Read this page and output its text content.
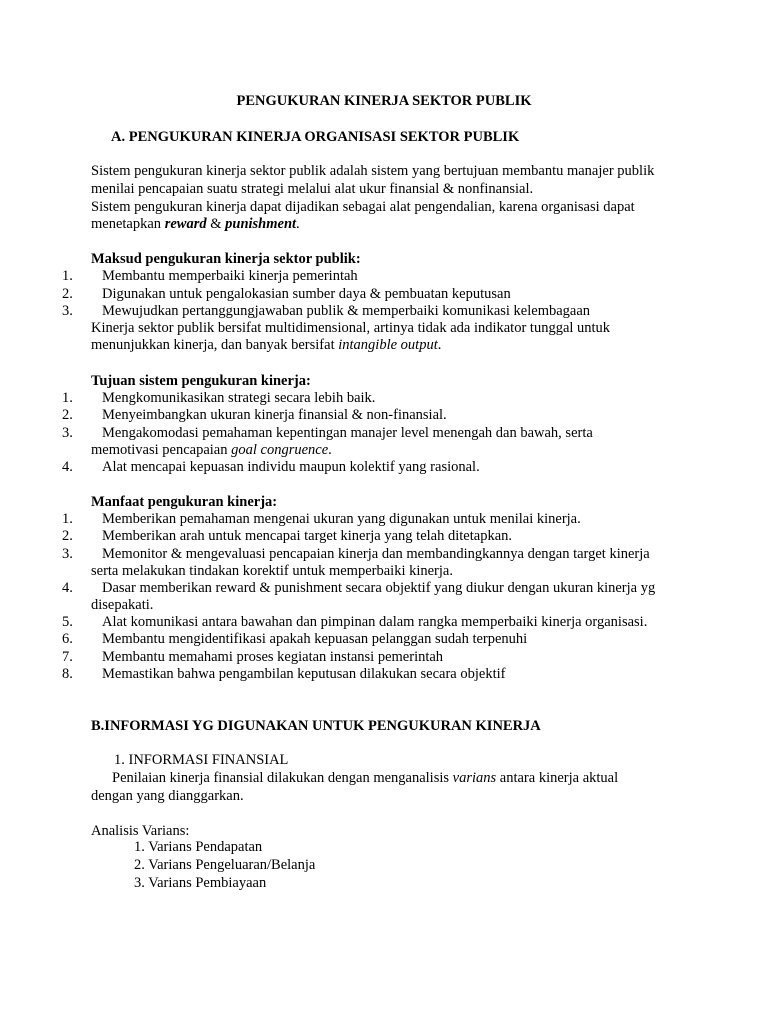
PENGUKURAN KINERJA SEKTOR PUBLIK
A. PENGUKURAN KINERJA ORGANISASI SEKTOR PUBLIK
Sistem pengukuran kinerja sektor publik adalah sistem yang bertujuan membantu manajer publik
menilai pencapaian suatu strategi melalui alat ukur finansial & nonfinansial.
Sistem pengukuran kinerja dapat dijadikan sebagai alat pengendalian, karena organisasi dapat
menetapkan reward & punishment.
Maksud pengukuran kinerja sektor publik:
1. Membantu memperbaiki kinerja pemerintah
2. Digunakan untuk pengalokasian sumber daya & pembuatan keputusan
3. Mewujudkan pertanggungjawaban publik & memperbaiki komunikasi kelembagaan
Kinerja sektor publik bersifat multidimensional, artinya tidak ada indikator tunggal untuk
menunjukkan kinerja, dan banyak bersifat intangible output.
Tujuan sistem pengukuran kinerja:
1. Mengkomunikasikan strategi secara lebih baik.
2. Menyeimbangkan ukuran kinerja finansial & non-finansial.
3. Mengakomodasi pemahaman kepentingan manajer level menengah dan bawah, serta
memotivasi pencapaian goal congruence.
4. Alat mencapai kepuasan individu maupun kolektif yang rasional.
Manfaat pengukuran kinerja:
1. Memberikan pemahaman mengenai ukuran yang digunakan untuk menilai kinerja.
2. Memberikan arah untuk mencapai target kinerja yang telah ditetapkan.
3. Memonitor & mengevaluasi pencapaian kinerja dan membandingkannya dengan target kinerja
serta melakukan tindakan korektif untuk memperbaiki kinerja.
4. Dasar memberikan reward & punishment secara objektif yang diukur dengan ukuran kinerja yg
disepakati.
5. Alat komunikasi antara bawahan dan pimpinan dalam rangka memperbaiki kinerja organisasi.
6. Membantu mengidentifikasi apakah kepuasan pelanggan sudah terpenuhi
7. Membantu memahami proses kegiatan instansi pemerintah
8. Memastikan bahwa pengambilan keputusan dilakukan secara objektif
B.INFORMASI YG DIGUNAKAN UNTUK PENGUKURAN KINERJA
1. INFORMASI FINANSIAL
Penilaian kinerja finansial dilakukan dengan menganalisis varians antara kinerja aktual
dengan yang dianggarkan.
Analisis Varians:
1. Varians Pendapatan
2. Varians Pengeluaran/Belanja
3. Varians Pembiayaan
